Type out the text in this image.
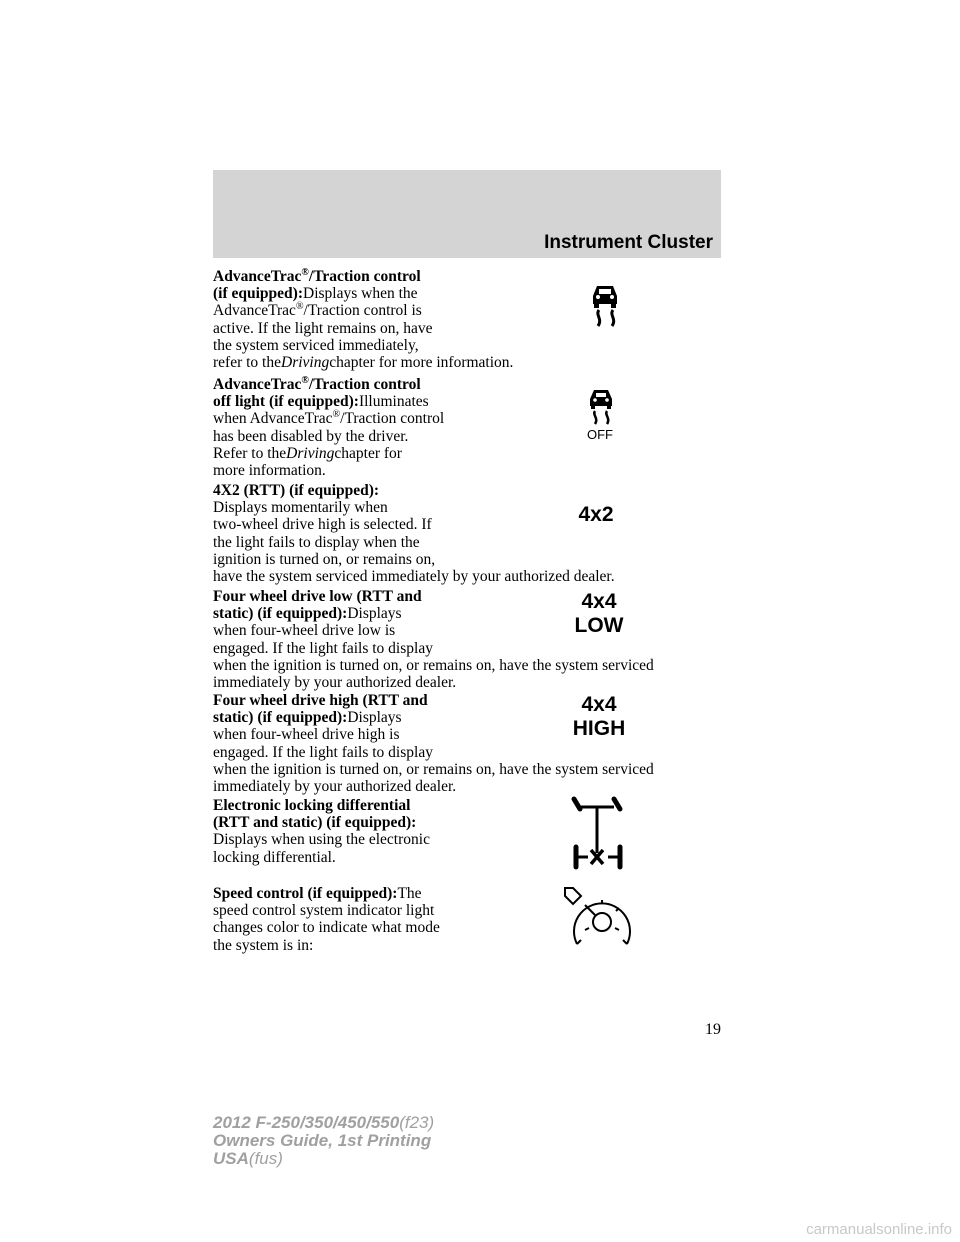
Instrument Cluster

AdvanceTrac®/Traction control

(if equipped):Displays when the

AdvanceTrac®/Traction control is

active. If the light remains on, have

the system serviced immediately,

refer to theDrivingchapter for more information.

AdvanceTrac®/Traction control

off light (if equipped):Illuminates

when AdvanceTrac®/Traction control

has been disabled by the driver.

Refer to theDrivingchapter for

more information.

OFF

4X2 (RTT) (if equipped):

Displays momentarily when

two-wheel drive high is selected. If

the light fails to display when the

ignition is turned on, or remains on,

have the system serviced immediately by your authorized dealer.

4x2

Four wheel drive low (RTT and

static) (if equipped):Displays

when four-wheel drive low is

engaged. If the light fails to display

when the ignition is turned on, or remains on, have the system serviced

immediately by your authorized dealer.

4x4
LOW

Four wheel drive high (RTT and

static) (if equipped):Displays

when four-wheel drive high is

engaged. If the light fails to display

when the ignition is turned on, or remains on, have the system serviced

immediately by your authorized dealer.

4x4
HIGH

Electronic locking differential

(RTT and static) (if equipped):

Displays when using the electronic

locking differential.

Speed control (if equipped):The

speed control system indicator light

changes color to indicate what mode

the system is in:

19
2012 F-250/350/450/550(f23)
Owners Guide, 1st Printing
USA(fus)
carmanualsonline.info
